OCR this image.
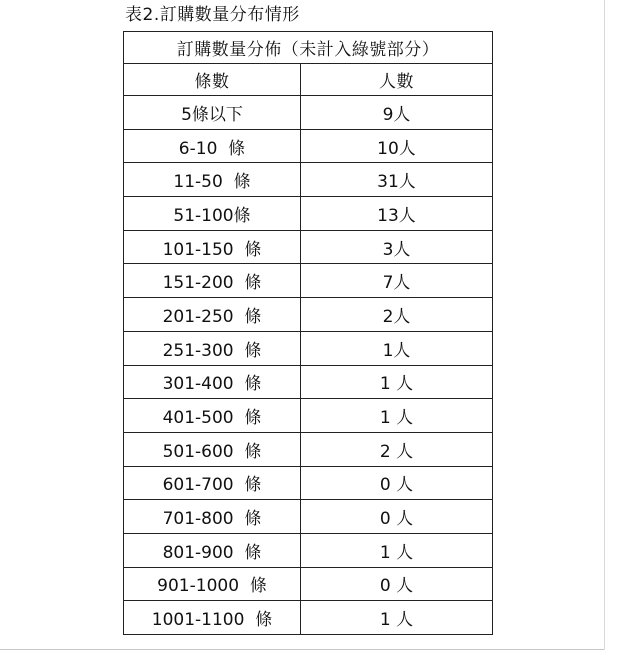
表2.訂購數量分布情形
訂購數量分佈（未計入綠號部分）	
條數	人數
5條以下	9人
6-10  條	10人
11-50  條	31人
51-100條	13人
101-150  條	3人
151-200  條	7人
201-250  條	2人
251-300  條	1人
301-400  條	1 人
401-500  條	1 人
501-600  條	2 人
601-700  條	0 人
701-800  條	0 人
801-900  條	1 人
901-1000  條	0 人
1001-1100  條	1 人
